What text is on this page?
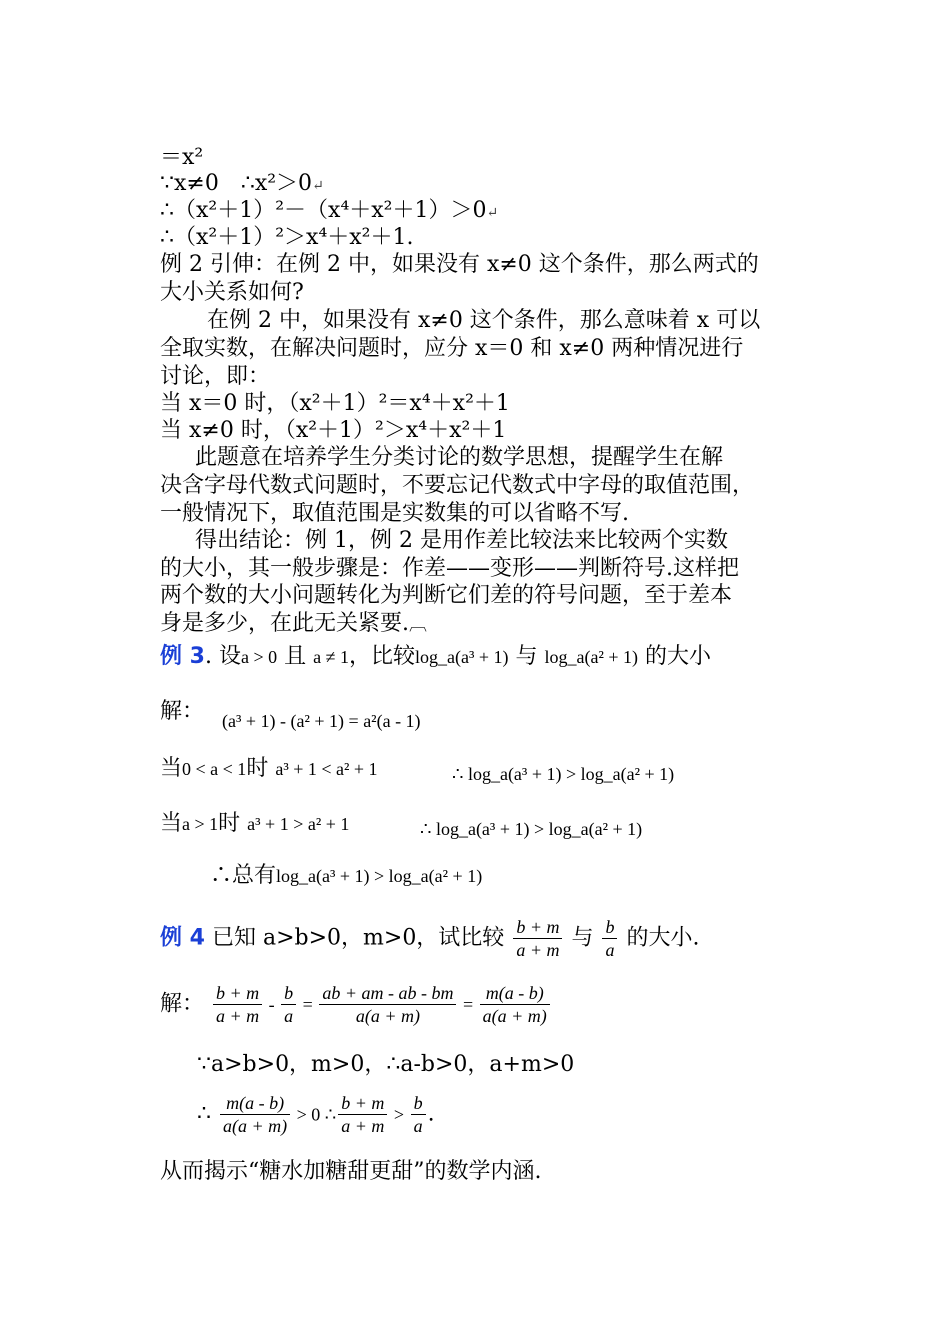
＝x²
∵x≠0　∴x²＞0↵
∴（x²＋1）²－（x⁴＋x²＋1）＞0↵
∴（x²＋1）²＞x⁴＋x²＋1.
例 2 引伸：在例 2 中，如果没有 x≠0 这个条件，那么两式的
大小关系如何?
在例 2 中，如果没有 x≠0 这个条件，那么意味着 x 可以
全取实数，在解决问题时，应分 x＝0 和 x≠0 两种情况进行
讨论，即：
当 x＝0 时，（x²＋1）²＝x⁴＋x²＋1
当 x≠0 时，（x²＋1）²＞x⁴＋x²＋1
此题意在培养学生分类讨论的数学思想，提醒学生在解
决含字母代数式问题时，不要忘记代数式中字母的取值范围，
一般情况下，取值范围是实数集的可以省略不写.
得出结论：例 1，例 2 是用作差比较法来比较两个实数
的大小，其一般步骤是：作差——变形——判断符号.这样把
两个数的大小问题转化为判断它们差的符号问题，至于差本
身是多少，在此无关紧要.︹
例 3. 设a > 0 且 a ≠ 1，比较log_a(a³ + 1) 与 log_a(a² + 1) 的大小
解： (a³ + 1) - (a² + 1) = a²(a - 1)
当0 < a < 1时 a³ + 1 < a² + 1	∴ log_a(a³ + 1) > log_a(a² + 1)
当a > 1时 a³ + 1 > a² + 1	∴ log_a(a³ + 1) > log_a(a² + 1)
∴总有log_a(a³ + 1) > log_a(a² + 1)
例 4 已知 a>b>0，m>0，试比较 $\frac{b + m}{a + m}$ 与 $\frac{b}{a}$ 的大小.
解： $\frac{b + m}{a + m} - \frac{b}{a} = \frac{ab + am - ab - bm}{a(a + m)} = \frac{m(a - b)}{a(a + m)}$
∵a>b>0，m>0，∴a-b>0，a+m>0
∴ $\frac{m(a - b)}{a(a + m)} > 0$ ∴ $\frac{b + m}{a + m} > \frac{b}{a}$ .
从而揭示“糖水加糖甜更甜”的数学内涵.
